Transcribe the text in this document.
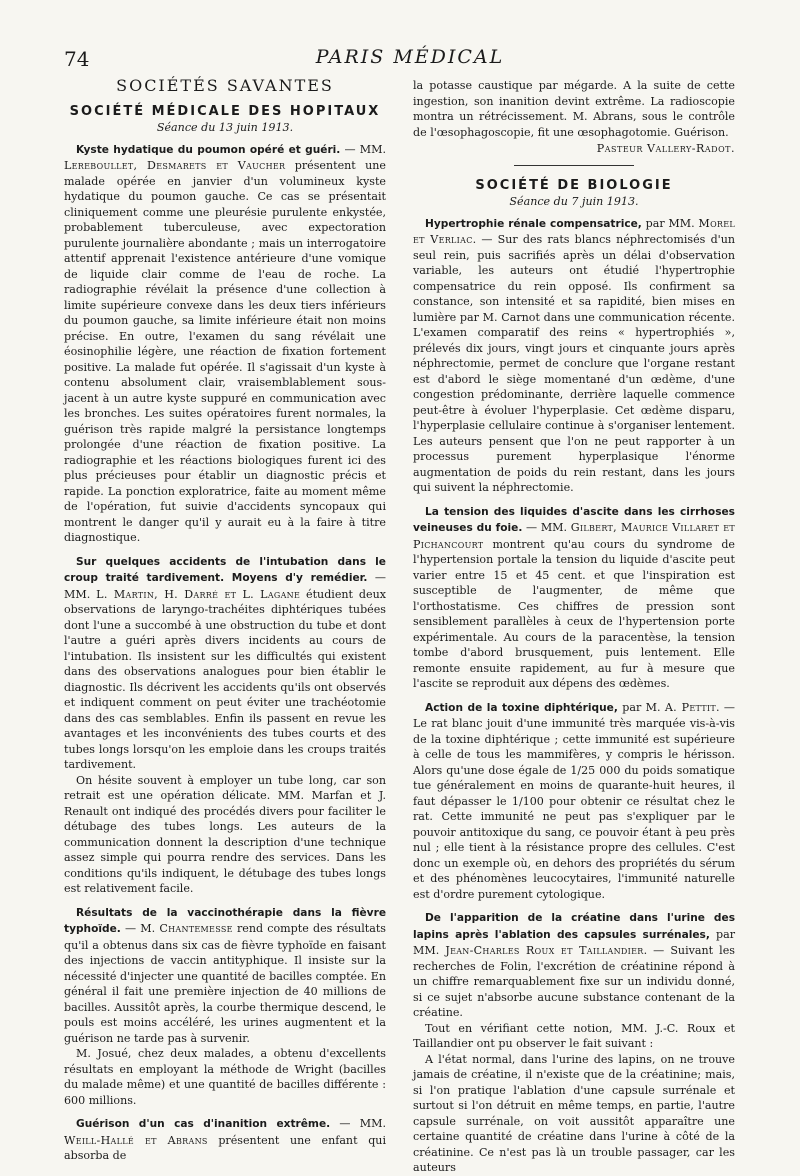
74	PARIS MÉDICAL
SOCIÉTÉS SAVANTES
SOCIÉTÉ MÉDICALE DES HOPITAUX
Séance du 13 juin 1913.

Kyste hydatique du poumon opéré et guéri. — MM. Lereboullet, Desmarets et Vaucher présentent une malade opérée en janvier d'un volumineux kyste hydatique du poumon gauche. Ce cas se présentait cliniquement comme une pleurésie purulente enkystée, probablement tuberculeuse, avec expectoration purulente journalière abondante ; mais un interrogatoire attentif apprenait l'existence antérieure d'une vomique de liquide clair comme de l'eau de roche. La radiographie révélait la présence d'une collection à limite supérieure convexe dans les deux tiers inférieurs du poumon gauche, sa limite inférieure était non moins précise. En outre, l'examen du sang révélait une éosinophilie légère, une réaction de fixation fortement positive. La malade fut opérée. Il s'agissait d'un kyste à contenu absolument clair, vraisemblablement sous-jacent à un autre kyste suppuré en communication avec les bronches. Les suites opératoires furent normales, la guérison très rapide malgré la persistance longtemps prolongée d'une réaction de fixation positive. La radiographie et les réactions biologiques furent ici des plus précieuses pour établir un diagnostic précis et rapide. La ponction exploratrice, faite au moment même de l'opération, fut suivie d'accidents syncopaux qui montrent le danger qu'il y aurait eu à la faire à titre diagnostique.

Sur quelques accidents de l'intubation dans le croup traité tardivement. Moyens d'y remédier. — MM. L. Martin, H. Darré et L. Lagane étudient deux observations de laryngo-trachéites diphtériques tubées dont l'une a succombé à une obstruction du tube et dont l'autre a guéri après divers incidents au cours de l'intubation. Ils insistent sur les difficultés qui existent dans des observations analogues pour bien établir le diagnostic. Ils décrivent les accidents qu'ils ont observés et indiquent comment on peut éviter une trachéotomie dans des cas semblables. Enfin ils passent en revue les avantages et les inconvénients des tubes courts et des tubes longs lorsqu'on les emploie dans les croups traités tardivement.

On hésite souvent à employer un tube long, car son retrait est une opération délicate. MM. Marfan et J. Renault ont indiqué des procédés divers pour faciliter le détubage des tubes longs. Les auteurs de la communication donnent la description d'une technique assez simple qui pourra rendre des services. Dans les conditions qu'ils indiquent, le détubage des tubes longs est relativement facile.

Résultats de la vaccinothérapie dans la fièvre typhoïde. — M. Chantemesse rend compte des résultats qu'il a obtenus dans six cas de fièvre typhoïde en faisant des injections de vaccin antityphique. Il insiste sur la nécessité d'injecter une quantité de bacilles comptée. En général il fait une première injection de 40 millions de bacilles. Aussitôt après, la courbe thermique descend, le pouls est moins accéléré, les urines augmentent et la guérison ne tarde pas à survenir.

M. Josué, chez deux malades, a obtenu d'excellents résultats en employant la méthode de Wright (bacilles du malade même) et une quantité de bacilles différente : 600 millions.

Guérison d'un cas d'inanition extrême. — MM. Weill-Hallé et Abrans présentent une enfant qui absorba de

la potasse caustique par mégarde. A la suite de cette ingestion, son inanition devint extrême. La radioscopie montra un rétrécissement. M. Abrans, sous le contrôle de l'œsophagoscopie, fit une œsophagotomie. Guérison.

Pasteur Vallery-Radot.
SOCIÉTÉ DE BIOLOGIE
Séance du 7 juin 1913.

Hypertrophie rénale compensatrice, par MM. Morel et Verliac. — Sur des rats blancs néphrectomisés d'un seul rein, puis sacrifiés après un délai d'observation variable, les auteurs ont étudié l'hypertrophie compensatrice du rein opposé. Ils confirment sa constance, son intensité et sa rapidité, bien mises en lumière par M. Carnot dans une communication récente. L'examen comparatif des reins « hypertrophiés », prélevés dix jours, vingt jours et cinquante jours après néphrectomie, permet de conclure que l'organe restant est d'abord le siège momentané d'un œdème, d'une congestion prédominante, derrière laquelle commence peut-être à évoluer l'hyperplasie. Cet œdème disparu, l'hyperplasie cellulaire continue à s'organiser lentement. Les auteurs pensent que l'on ne peut rapporter à un processus purement hyperplasique l'énorme augmentation de poids du rein restant, dans les jours qui suivent la néphrectomie.

La tension des liquides d'ascite dans les cirrhoses veineuses du foie. — MM. Gilbert, Maurice Villaret et Pichancourt montrent qu'au cours du syndrome de l'hypertension portale la tension du liquide d'ascite peut varier entre 15 et 45 cent. et que l'inspiration est susceptible de l'augmenter, de même que l'orthostatisme. Ces chiffres de pression sont sensiblement parallèles à ceux de l'hypertension porte expérimentale. Au cours de la paracentèse, la tension tombe d'abord brusquement, puis lentement. Elle remonte ensuite rapidement, au fur à mesure que l'ascite se reproduit aux dépens des œdèmes.

Action de la toxine diphtérique, par M. A. Pettit. — Le rat blanc jouit d'une immunité très marquée vis-à-vis de la toxine diphtérique ; cette immunité est supérieure à celle de tous les mammifères, y compris le hérisson. Alors qu'une dose égale de 1/25 000 du poids somatique tue généralement en moins de quarante-huit heures, il faut dépasser le 1/100 pour obtenir ce résultat chez le rat. Cette immunité ne peut pas s'expliquer par le pouvoir antitoxique du sang, ce pouvoir étant à peu près nul ; elle tient à la résistance propre des cellules. C'est donc un exemple où, en dehors des propriétés du sérum et des phénomènes leucocytaires, l'immunité naturelle est d'ordre purement cytologique.

De l'apparition de la créatine dans l'urine des lapins après l'ablation des capsules surrénales, par MM. Jean-Charles Roux et Taillandier. — Suivant les recherches de Folin, l'excrétion de créatinine répond à un chiffre remarquablement fixe sur un individu donné, si ce sujet n'absorbe aucune substance contenant de la créatine.

Tout en vérifiant cette notion, MM. J.-C. Roux et Taillandier ont pu observer le fait suivant :

A l'état normal, dans l'urine des lapins, on ne trouve jamais de créatine, il n'existe que de la créatinine; mais, si l'on pratique l'ablation d'une capsule surrénale et surtout si l'on détruit en même temps, en partie, l'autre capsule surrénale, on voit aussitôt apparaître une certaine quantité de créatine dans l'urine à côté de la créatinine. Ce n'est pas là un trouble passager, car les auteurs
